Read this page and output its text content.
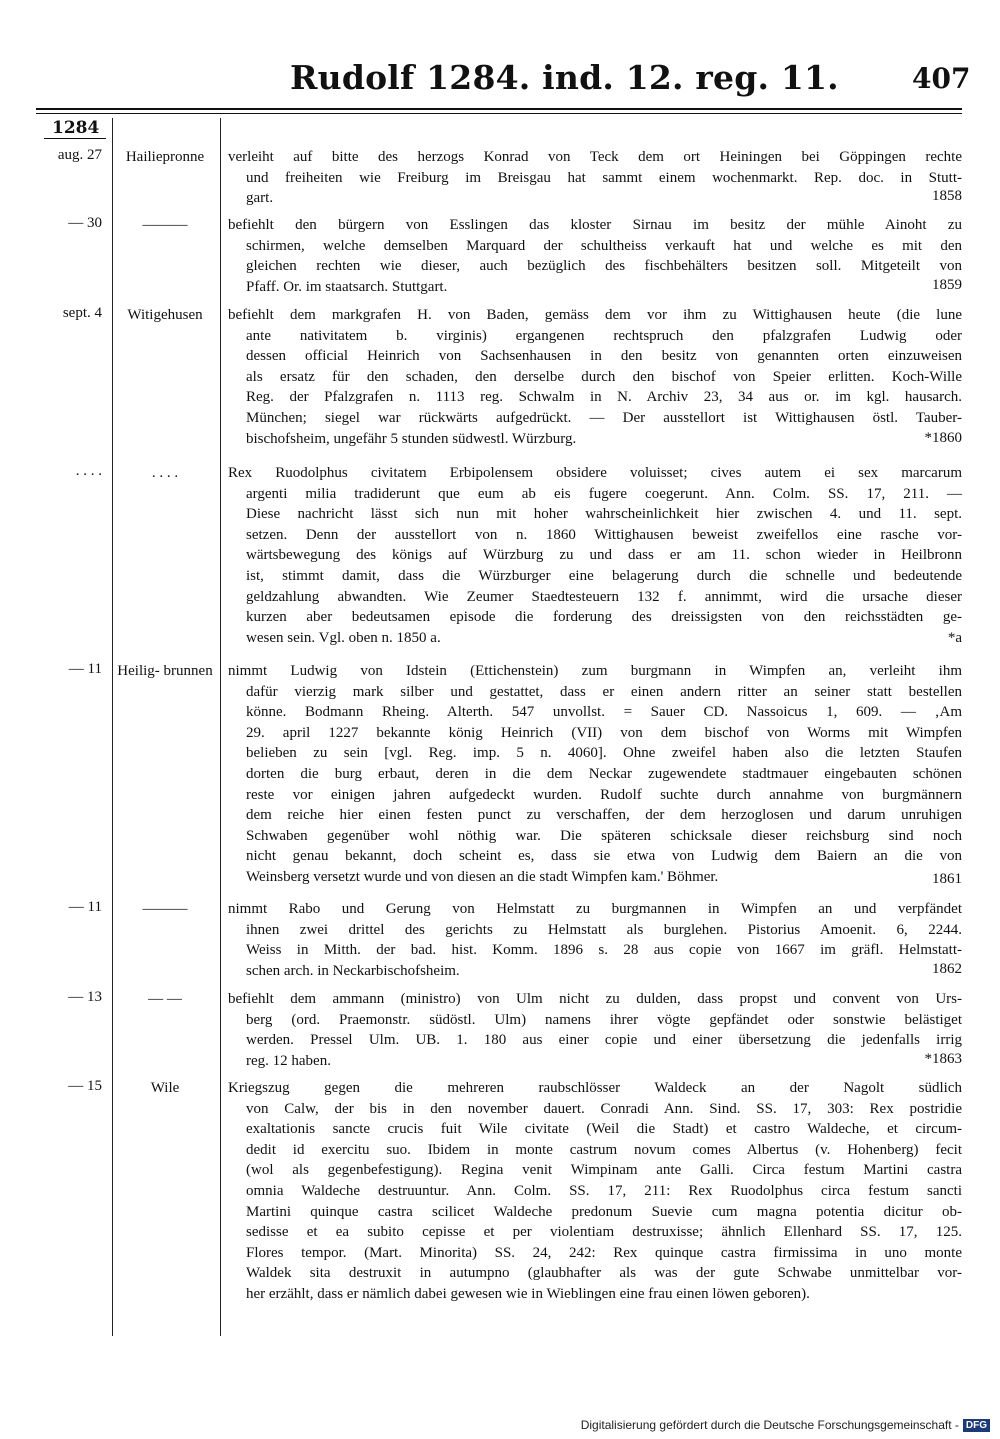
Rudolf 1284. ind. 12. reg. 11.	407
1284
aug. 27	Hailiepronne	verleiht auf bitte des herzogs Konrad von Teck dem ort Heiningen bei Göppingen rechte
und freiheiten wie Freiburg im Breisgau hat sammt einem wochenmarkt. Rep. doc. in Stutt-
gart.	1858
— 30	———	befiehlt den bürgern von Esslingen das kloster Sirnau im besitz der mühle Ainoht zu
schirmen, welche demselben Marquard der schultheiss verkauft hat und welche es mit den
gleichen rechten wie dieser, auch bezüglich des fischbehälters besitzen soll. Mitgeteilt von
Pfaff. Or. im staatsarch. Stuttgart.	1859
sept. 4	Witigehusen	befiehlt dem markgrafen H. von Baden, gemäss dem vor ihm zu Wittighausen heute (die lune
ante nativitatem b. virginis) ergangenen rechtspruch den pfalzgrafen Ludwig oder
dessen official Heinrich von Sachsenhausen in den besitz von genannten orten einzuweisen
als ersatz für den schaden, den derselbe durch den bischof von Speier erlitten. Koch-Wille
Reg. der Pfalzgrafen n. 1113 reg. Schwalm in N. Archiv 23, 34 aus or. im kgl. hausarch.
München; siegel war rückwärts aufgedrückt. — Der ausstellort ist Wittighausen östl. Tauber-
bischofsheim, ungefähr 5 stunden südwestl. Würzburg.	*1860
. . . .	. . . .	Rex Ruodolphus civitatem Erbipolensem obsidere voluisset; cives autem ei sex marcarum
argenti milia tradiderunt que eum ab eis fugere coegerunt. Ann. Colm. SS. 17, 211. —
Diese nachricht lässt sich nun mit hoher wahrscheinlichkeit hier zwischen 4. und 11. sept.
setzen. Denn der ausstellort von n. 1860 Wittighausen beweist zweifellos eine rasche vor-
wärtsbewegung des königs auf Würzburg zu und dass er am 11. schon wieder in Heilbronn
ist, stimmt damit, dass die Würzburger eine belagerung durch die schnelle und bedeutende
geldzahlung abwandten. Wie Zeumer Staedtesteuern 132 f. annimmt, wird die ursache dieser
kurzen aber bedeutsamen episode die forderung des dreissigsten von den reichsstädten ge-
wesen sein. Vgl. oben n. 1850 a.	*a
— 11	Heilig- brunnen	nimmt Ludwig von Idstein (Ettichenstein) zum burgmann in Wimpfen an, verleiht ihm
dafür vierzig mark silber und gestattet, dass er einen andern ritter an seiner statt bestellen
könne. Bodmann Rheing. Alterth. 547 unvollst. = Sauer CD. Nassoicus 1, 609. — ‚Am
29. april 1227 bekannte könig Heinrich (VII) von dem bischof von Worms mit Wimpfen
belieben zu sein [vgl. Reg. imp. 5 n. 4060]. Ohne zweifel haben also die letzten Staufen
dorten die burg erbaut, deren in die dem Neckar zugewendete stadtmauer eingebauten schönen
reste vor einigen jahren aufgedeckt wurden. Rudolf suchte durch annahme von burgmännern
dem reiche hier einen festen punct zu verschaffen, der dem herzoglosen und darum unruhigen
Schwaben gegenüber wohl nöthig war. Die späteren schicksale dieser reichsburg sind noch
nicht genau bekannt, doch scheint es, dass sie etwa von Ludwig dem Baiern an die von
Weinsberg versetzt wurde und von diesen an die stadt Wimpfen kam.' Böhmer.	1861
— 11	———	nimmt Rabo und Gerung von Helmstatt zu burgmannen in Wimpfen an und verpfändet
ihnen zwei drittel des gerichts zu Helmstatt als burglehen. Pistorius Amoenit. 6, 2244.
Weiss in Mitth. der bad. hist. Komm. 1896 s. 28 aus copie von 1667 im gräfl. Helmstatt-
schen arch. in Neckarbischofsheim.	1862
— 13	— —	befiehlt dem ammann (ministro) von Ulm nicht zu dulden, dass propst und convent von Urs-
berg (ord. Praemonstr. südöstl. Ulm) namens ihrer vögte gepfändet oder sonstwie belästiget
werden. Pressel Ulm. UB. 1. 180 aus einer copie und einer übersetzung die jedenfalls irrig
reg. 12 haben.	*1863
— 15	Wile	Kriegszug gegen die mehreren raubschlösser Waldeck an der Nagolt südlich
von Calw, der bis in den november dauert. Conradi Ann. Sind. SS. 17, 303: Rex postridie
exaltationis sancte crucis fuit Wile civitate (Weil die Stadt) et castro Waldeche, et circum-
dedit id exercitu suo. Ibidem in monte castrum novum comes Albertus (v. Hohenberg) fecit
(wol als gegenbefestigung). Regina venit Wimpinam ante Galli. Circa festum Martini castra
omnia Waldeche destruuntur. Ann. Colm. SS. 17, 211: Rex Ruodolphus circa festum sancti
Martini quinque castra scilicet Waldeche predonum Suevie cum magna potentia dicitur ob-
sedisse et ea subito cepisse et per violentiam destruxisse; ähnlich Ellenhard SS. 17, 125.
Flores tempor. (Mart. Minorita) SS. 24, 242: Rex quinque castra firmissima in uno monte
Waldek sita destruxit in autumpno (glaubhafter als was der gute Schwabe unmittelbar vor-
her erzählt, dass er nämlich dabei gewesen wie in Wieblingen eine frau einen löwen geboren).
Digitalisierung gefördert durch die Deutsche Forschungsgemeinschaft - DFG
